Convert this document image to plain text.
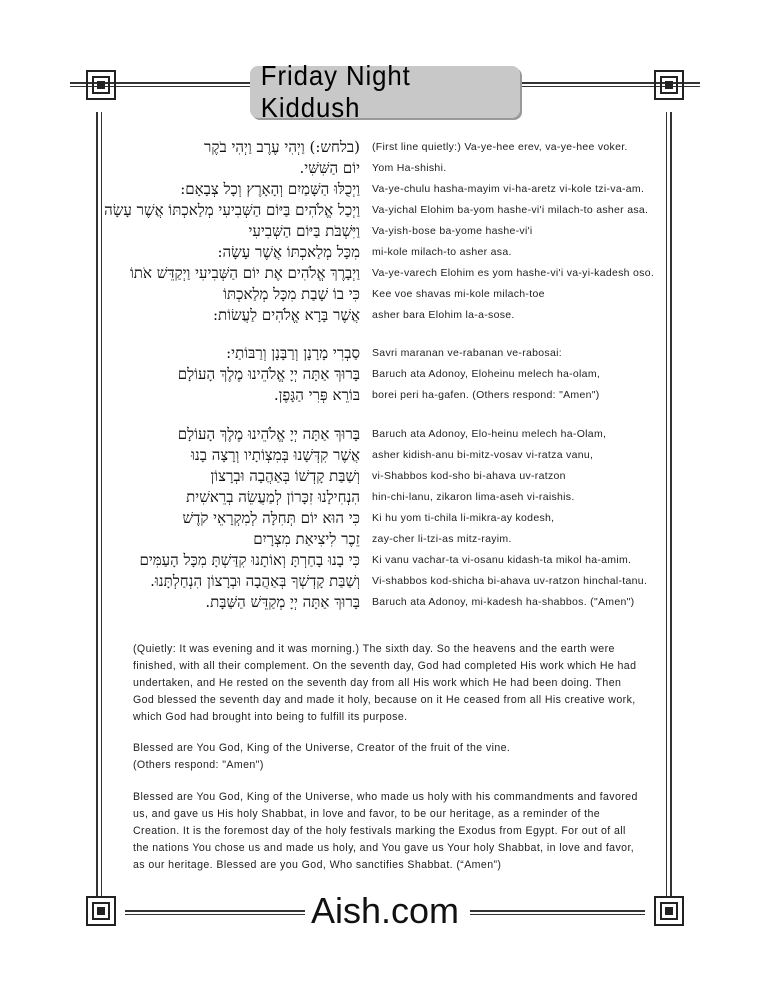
Friday Night Kiddush
(בלחש:) וַיְהִי עֶרֶב וַיְהִי בֹקֶר (First line quietly:) Va-ye-hee erev, va-ye-hee voker.
יוֹם הַשִּׁשִּׁי. Yom Ha-shishi.
וַיְכֻלּוּ הַשָּׁמַיִם וְהָאָרֶץ וְכָל צְבָאָם: Va-ye-chulu hasha-mayim vi-ha-aretz vi-kole tzi-va-am.
וַיְכַל אֱלֹהִים בַּיּוֹם הַשְּׁבִיעִי מְלַאכְתּוֹ אֲשֶׁר עָשָׂה Va-yichal Elohim ba-yom hashe-vi'i milach-to asher asa.
וַיִּשְׁבֹּת בַּיּוֹם הַשְּׁבִיעִי Va-yish-bose ba-yome hashe-vi'i
מִכָּל מְלַאכְתּוֹ אֲשֶׁר עָשָׂה: mi-kole milach-to asher asa.
וַיְבָרֶךְ אֱלֹהִים אֶת יוֹם הַשְּׁבִיעִי וַיְקַדֵּשׁ אֹתוֹ Va-ye-varech Elohim es yom hashe-vi'i va-yi-kadesh oso.
כִּי בוֹ שָׁבַת מִכָּל מְלַאכְתּוֹ Kee voe shavas mi-kole milach-toe
אֲשֶׁר בָּרָא אֱלֹהִים לַעֲשׂוֹת: asher bara Elohim la-a-sose.
סַבְרִי מָרָנָן וְרַבָּנָן וְרַבּוֹתַי: Savri maranan ve-rabanan ve-rabosai:
בָּרוּךְ אַתָּה יְיָ אֱלֹהֵינוּ מֶלֶךְ הָעוֹלָם Baruch ata Adonoy, Eloheinu melech ha-olam,
בּוֹרֵא פְּרִי הַגָּפֶן. borei peri ha-gafen. (Others respond: "Amen")
בָּרוּךְ אַתָּה יְיָ אֱלֹהֵינוּ מֶלֶךְ הָעוֹלָם Baruch ata Adonoy, Elo-heinu melech ha-Olam,
אֲשֶׁר קִדְּשָׁנוּ בְּמִצְוֹתָיו וְרָצָה בָנוּ asher kidish-anu bi-mitz-vosav vi-ratza vanu,
וְשַׁבַּת קָדְשׁוֹ בְּאַהֲבָה וּבְרָצוֹן vi-Shabbos kod-sho bi-ahava uv-ratzon
הִנְחִילָנוּ זִכָּרוֹן לְמַעֲשֵׂה בְרֵאשִׁית hin-chi-lanu, zikaron lima-aseh vi-raishis.
כִּי הוּא יוֹם תְּחִלָּה לְמִקְרָאֵי קֹדֶשׁ Ki hu yom ti-chila li-mikra-ay kodesh,
זֵכֶר לִיצִיאַת מִצְרָיִם zay-cher li-tzi-as mitz-rayim.
כִּי בָנוּ בָחַרְתָּ וְאוֹתָנוּ קִדַּשְׁתָּ מִכָּל הָעַמִּים Ki vanu vachar-ta vi-osanu kidash-ta mikol ha-amim.
וְשַׁבַּת קָדְשְׁךָ בְּאַהֲבָה וּבְרָצוֹן הִנְחַלְתָּנוּ. Vi-shabbos kod-shicha bi-ahava uv-ratzon hinchal-tanu.
בָּרוּךְ אַתָּה יְיָ מְקַדֵּשׁ הַשַּׁבָּת. Baruch ata Adonoy, mi-kadesh ha-shabbos. ("Amen")

(Quietly: It was evening and it was morning.) The sixth day. So the heavens and the earth were finished, with all their complement. On the seventh day, God had completed His work which He had undertaken, and He rested on the seventh day from all His work which He had been doing. Then God blessed the seventh day and made it holy, because on it He ceased from all His creative work, which God had brought into being to fulfill its purpose.

Blessed are You God, King of the Universe, Creator of the fruit of the vine.

(Others respond: "Amen")

Blessed are You God, King of the Universe, who made us holy with his commandments and favored us, and gave us His holy Shabbat, in love and favor, to be our heritage, as a reminder of the Creation. It is the foremost day of the holy festivals marking the Exodus from Egypt. For out of all the nations You chose us and made us holy, and You gave us Your holy Shabbat, in love and favor, as our heritage. Blessed are you God, Who sanctifies Shabbat. (“Amen”)

Aish.com
